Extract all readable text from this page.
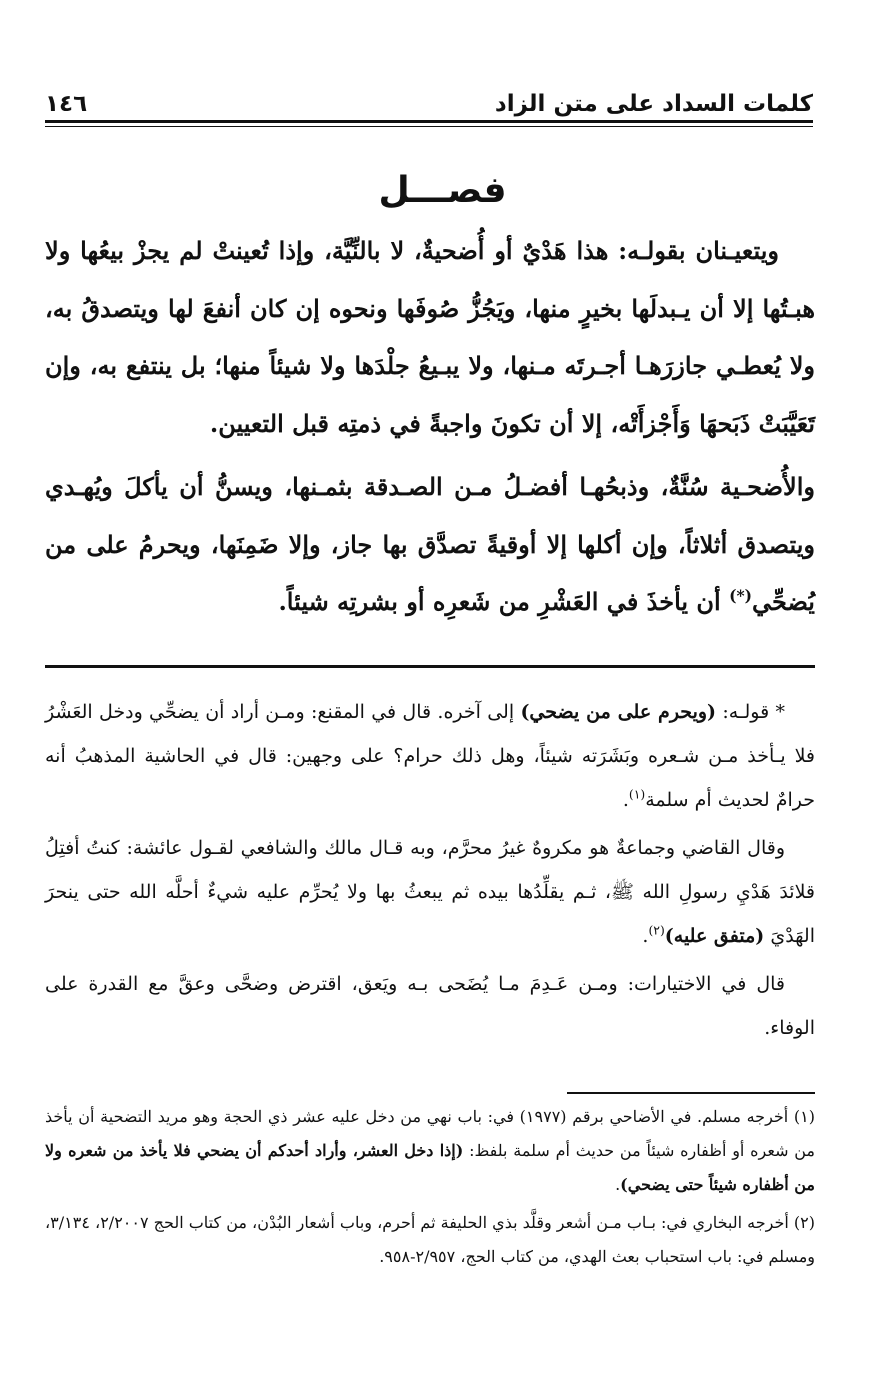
كلمات السداد على متن الزاد
١٤٦
فصـــل

ويتعيـنان بقولـه: هذا هَدْيٌ أو أُضحيةٌ، لا بالنِّيَّة، وإذا تُعينتْ لم يجزْ بيعُها ولا هبـتُها إلا أن يـبدلَها بخيرٍ منها، ويَجُزُّ صُوفَها ونحوه إن كان أنفعَ لها ويتصدقُ به، ولا يُعطـي جازرَهـا أجـرتَه مـنها، ولا يبـيعُ جلْدَها ولا شيئاً منها؛ بل ينتفع به، وإن تَعَيَّبَتْ ذَبَحهَا وَأَجْزأَتْه، إلا أن تكونَ واجبةً في ذمتِه قبل التعيين.

والأُضحـية سُنَّةٌ، وذبحُهـا أفضـلُ مـن الصـدقة بثمـنها، ويسنُّ أن يأكلَ ويُهـدي ويتصدق أثلاثاً، وإن أكلها إلا أوقيةً تصدَّق بها جاز، وإلا ضَمِنَها، ويحرمُ على من يُضحِّي(*) أن يأخذَ في العَشْرِ من شَعرِه أو بشرتِه شيئاً.

* قولـه: (ويحرم على من يضحي) إلى آخره. قال في المقنع: ومـن أراد أن يضحِّي ودخل العَشْرُ فلا يـأخذ مـن شـعره وبَشَرَته شيئاً، وهل ذلك حرام؟ على وجهين: قال في الحاشية المذهبُ أنه حرامٌ لحديث أم سلمة$^{(١)}$.

وقال القاضي وجماعةٌ هو مكروهٌ غيرُ محرَّم، وبه قـال مالك والشافعي لقـول عائشة: كنتُ أفتِلُ قلائدَ هَدْيِ رسولِ الله ﷺ، ثـم يقلِّدُها بيده ثم يبعثُ بها ولا يُحرِّم عليه شيءٌ أحلَّه الله حتى ينحرَ الهَدْيَ (متفق عليه)$^{(٢)}$.

قال في الاختيارات: ومـن عَـدِمَ مـا يُضَحى بـه ويَعق، اقترض وضحَّى وعقَّ مع القدرة على الوفاء.

(١) أخرجه مسلم. في الأضاحي برقم (١٩٧٧) في: باب نهي من دخل عليه عشر ذي الحجة وهو مريد التضحية أن يأخذ من شعره أو أظفاره شيئاً من حديث أم سلمة بلفظ: (إذا دخل العشر، وأراد أحدكم أن يضحي فلا يأخذ من شعره ولا من أظفاره شيئاً حتى يضحي).

(٢) أخرجه البخاري في: بـاب مـن أشعر وقلَّد بذي الحليفة ثم أحرم، وباب أشعار البُدْن، من كتاب الحج ٢/٢٠٠٧، ٣/١٣٤، ومسلم في: باب استحباب بعث الهدي، من كتاب الحج، ٢/٩٥٧-٩٥٨.
